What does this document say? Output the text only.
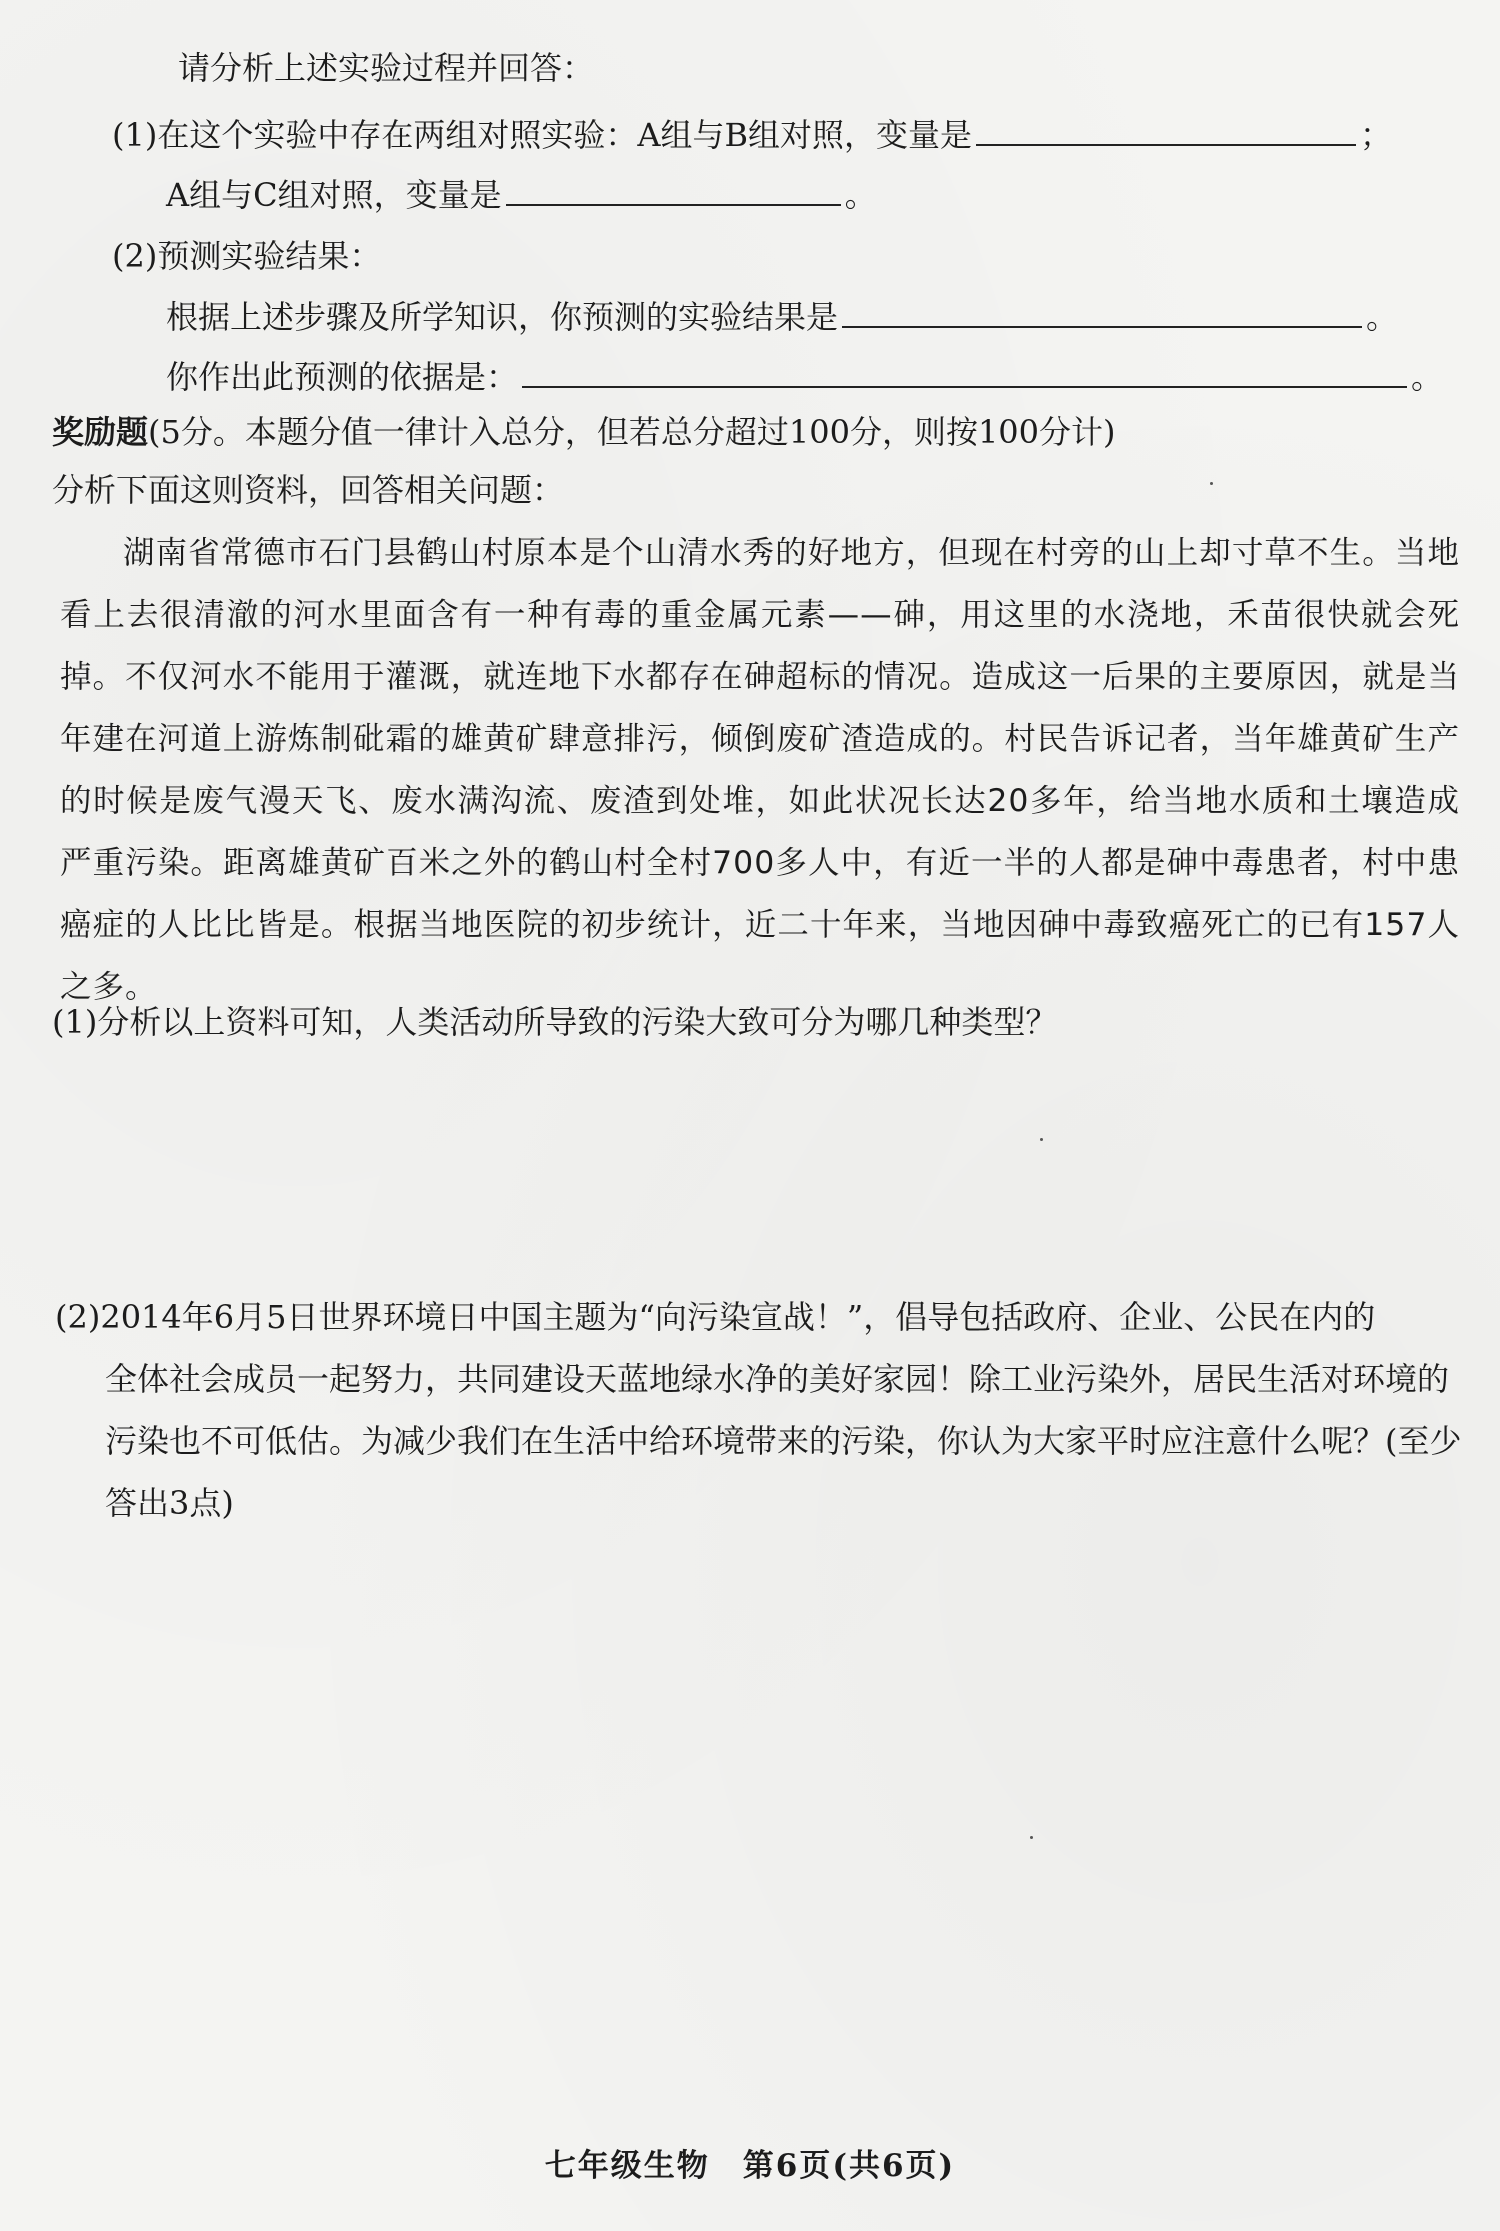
请分析上述实验过程并回答：
(1)在这个实验中存在两组对照实验：A组与B组对照，变量是	；
A组与C组对照，变量是	。
(2)预测实验结果：
根据上述步骤及所学知识，你预测的实验结果是	。
你作出此预测的依据是：	。
奖励题(5分。本题分值一律计入总分，但若总分超过100分，则按100分计)
分析下面这则资料，回答相关问题：
湖南省常德市石门县鹤山村原本是个山清水秀的好地方，但现在村旁的山上却寸草不生。当地看上去很清澈的河水里面含有一种有毒的重金属元素——砷，用这里的水浇地，禾苗很快就会死掉。不仅河水不能用于灌溉，就连地下水都存在砷超标的情况。造成这一后果的主要原因，就是当年建在河道上游炼制砒霜的雄黄矿肆意排污，倾倒废矿渣造成的。村民告诉记者，当年雄黄矿生产的时候是废气漫天飞、废水满沟流、废渣到处堆，如此状况长达20多年，给当地水质和土壤造成严重污染。距离雄黄矿百米之外的鹤山村全村700多人中，有近一半的人都是砷中毒患者，村中患癌症的人比比皆是。根据当地医院的初步统计，近二十年来，当地因砷中毒致癌死亡的已有157人之多。
(1)分析以上资料可知，人类活动所导致的污染大致可分为哪几种类型？
(2)2014年6月5日世界环境日中国主题为“向污染宣战！”，倡导包括政府、企业、公民在内的
全体社会成员一起努力，共同建设天蓝地绿水净的美好家园！除工业污染外，居民生活对环境的污染也不可低估。为减少我们在生活中给环境带来的污染，你认为大家平时应注意什么呢？(至少答出3点)
七年级生物　第6页(共6页)
